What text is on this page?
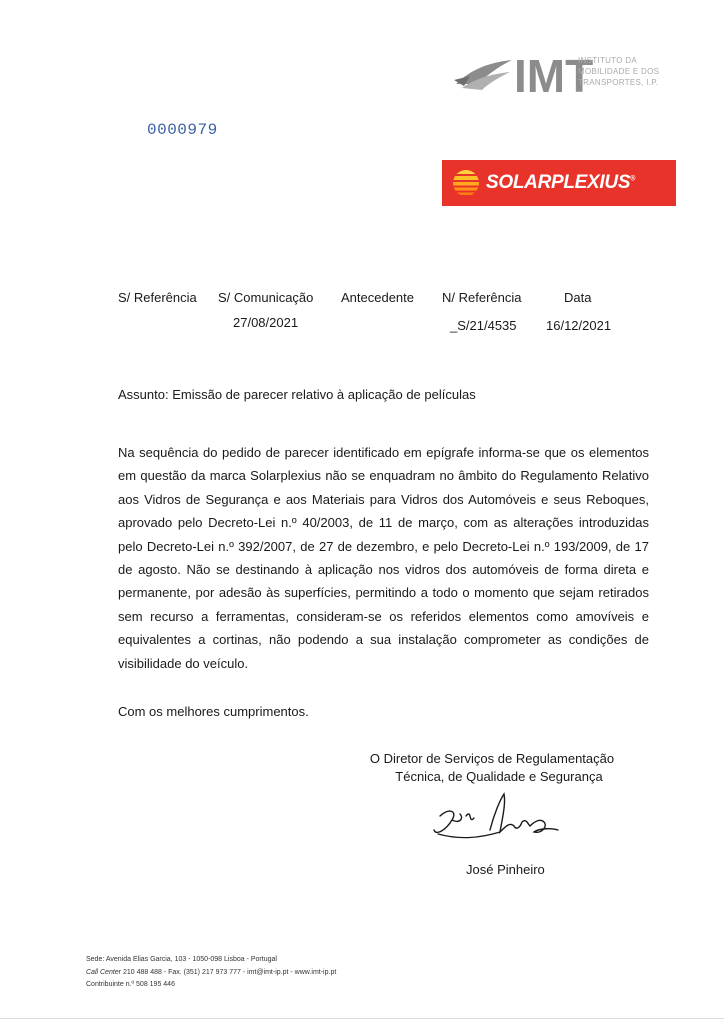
IMT
INSTITUTO DA
MOBILIDADE E DOS
TRANSPORTES, I.P.
0000979
SOLARPLEXIUS®
S/ Referência S/ Comunicação Antecedente N/ Referência	Data
27/08/2021	_S/21/4535 16/12/2021
Assunto: Emissão de parecer relativo à aplicação de películas
Na sequência do pedido de parecer identificado em epígrafe informa-se que os elementos em questão da marca Solarplexius não se enquadram no âmbito do Regulamento Relativo aos Vidros de Segurança e aos Materiais para Vidros dos Automóveis e seus Reboques, aprovado pelo Decreto-Lei n.º 40/2003, de 11 de março, com as alterações introduzidas pelo Decreto-Lei n.º 392/2007, de 27 de dezembro, e pelo Decreto-Lei n.º 193/2009, de 17 de agosto. Não se destinando à aplicação nos vidros dos automóveis de forma direta e permanente, por adesão às superfícies, permitindo a todo o momento que sejam retirados sem recurso a ferramentas, consideram-se os referidos elementos como amovíveis e equivalentes a cortinas, não podendo a sua instalação comprometer as condições de visibilidade do veículo.
Com os melhores cumprimentos.
O Diretor de Serviços de Regulamentação
Técnica, de Qualidade e Segurança
José Pinheiro
Sede: Avenida Elias Garcia, 103 - 1050-098 Lisboa - Portugal
Call Center 210 488 488 - Fax. (351) 217 973 777 - imt@imt-ip.pt - www.imt-ip.pt
Contribuinte n.º 508 195 446
